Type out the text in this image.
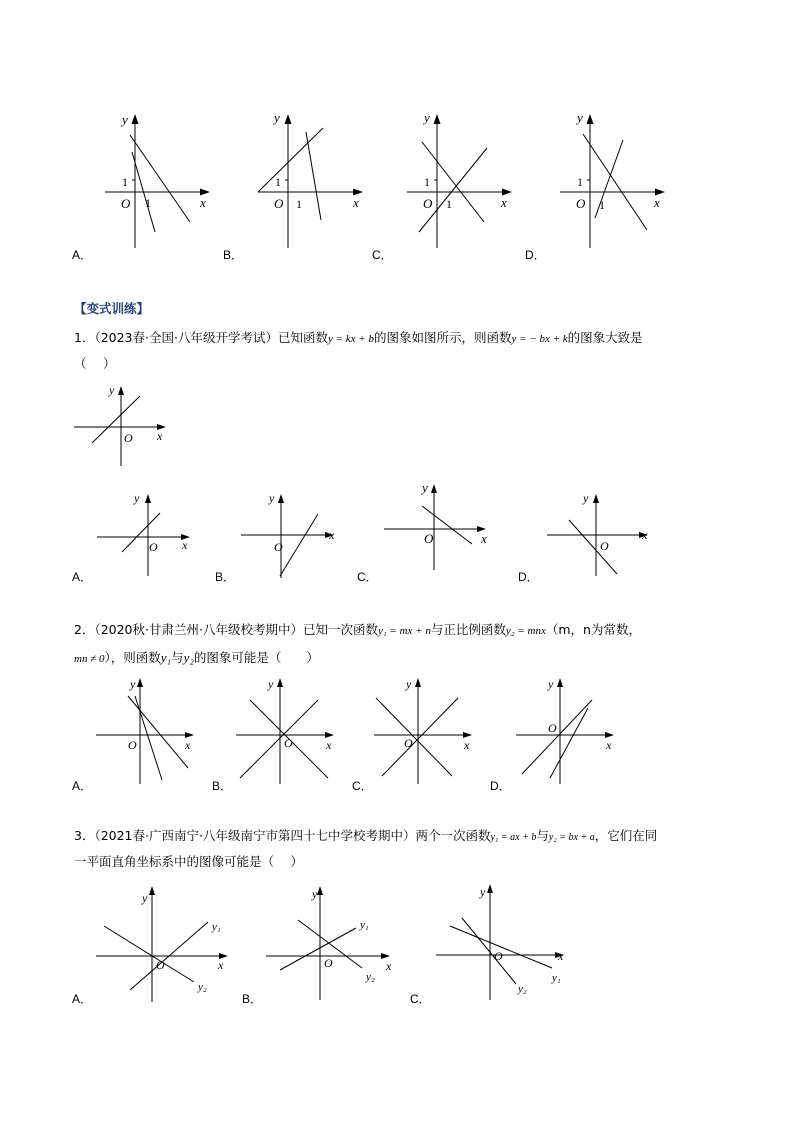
y
x
O
1
1
A．
y
x
O
1
1
B．
y
x
O
1
1
C．
y
x
O
1
1
D．
【变式训练】
1．（2023春·全国·八年级开学考试）已知函数y = kx + b的图象如图所示，则函数y = − bx + k的图象大致是
（　 ）
y
x
O
y
x
O
A．
y
x
O
B．
y
x
O
C．
y
x
O
D．
2．（2020秋·甘肃兰州·八年级校考期中）已知一次函数y₁ = mx + n与正比例函数y₂ = mnx（m，n为常数，
mn ≠ 0），则函数y₁与y₂的图象可能是（　　）
y
x
O
A．
y
x
O
B．
y
x
O
C．
y
x
O
D．
3．（2021春·广西南宁·八年级南宁市第四十七中学校考期中）两个一次函数y₁ = ax + b与y₂ = bx + a，它们在同
一平面直角坐标系中的图像可能是（　 ）
y
x
O
y₁
y₂
A．
y
x
O
y₁
y₂
B．
y
x
O
y₁
y₂
C．
